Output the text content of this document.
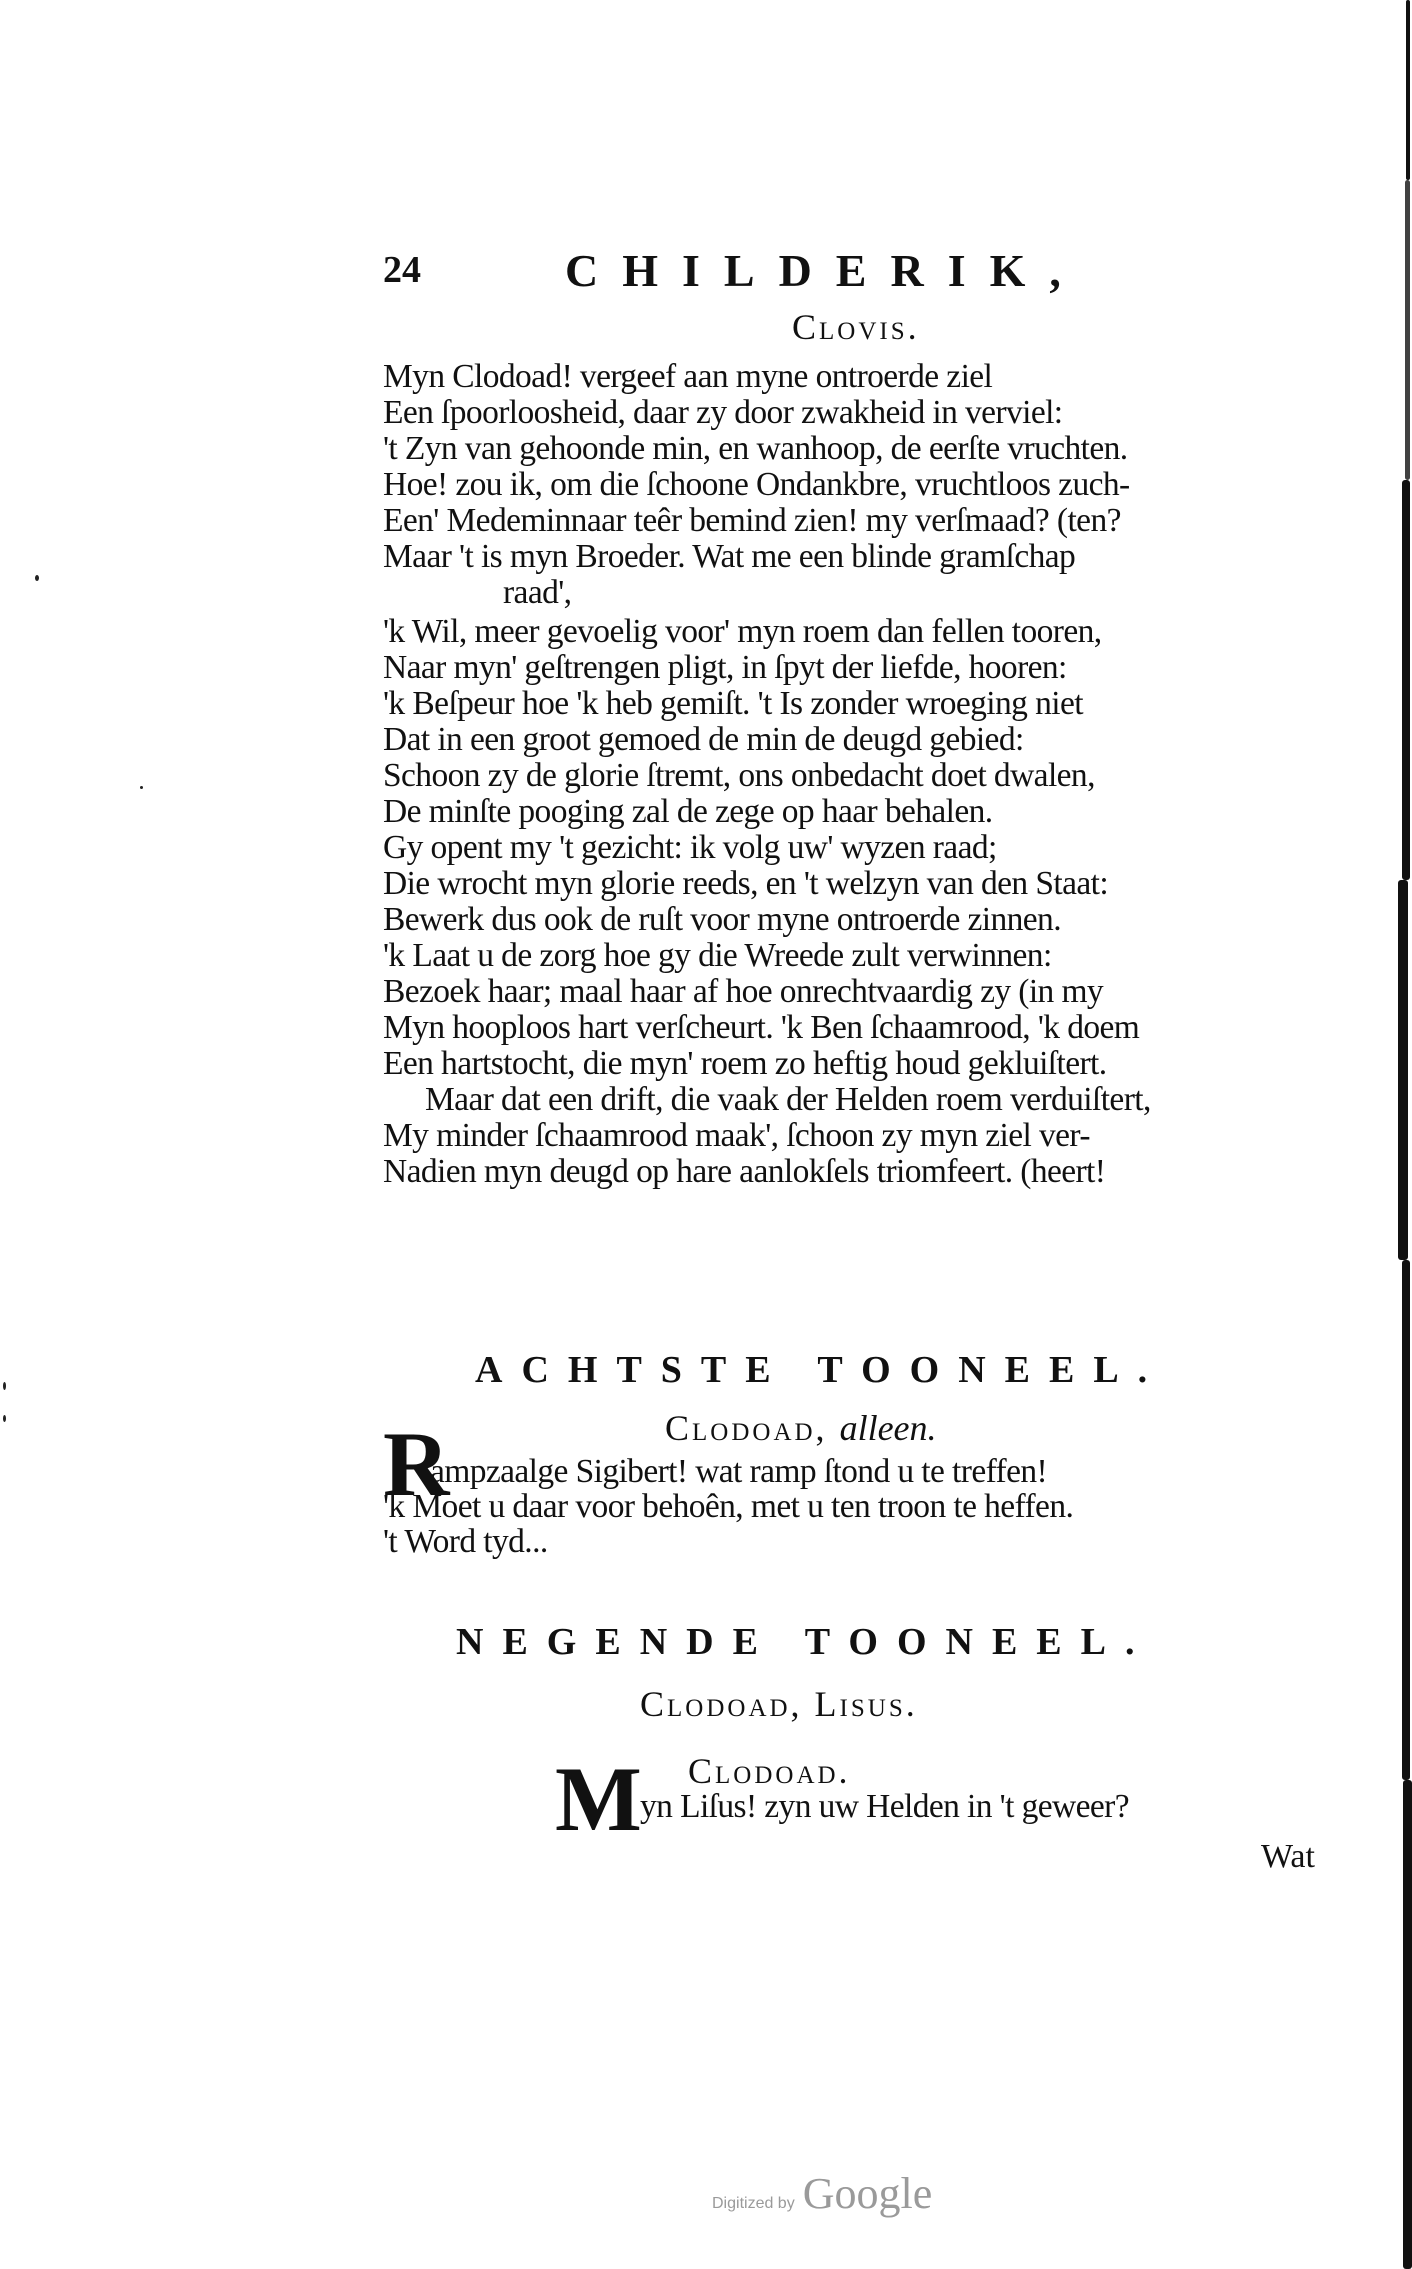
24	CHILDERIK,
Clovis.
Myn Clodoad! vergeef aan myne ontroerde ziel
Een ſpoorloosheid, daar zy door zwakheid in verviel:
't Zyn van gehoonde min, en wanhoop, de eerſte vruchten.
Hoe! zou ik, om die ſchoone Ondankbre, vruchtloos zuch-
Een' Medeminnaar teêr bemind zien! my verſmaad? (ten?
Maar 't is myn Broeder. Wat me een blinde gramſchap
raad',
'k Wil, meer gevoelig voor' myn roem dan fellen tooren,
Naar myn' geſtrengen pligt, in ſpyt der liefde, hooren:
'k Beſpeur hoe 'k heb gemiſt. 't Is zonder wroeging niet
Dat in een groot gemoed de min de deugd gebied:
Schoon zy de glorie ſtremt, ons onbedacht doet dwalen,
De minſte pooging zal de zege op haar behalen.
Gy opent my 't gezicht: ik volg uw' wyzen raad;
Die wrocht myn glorie reeds, en 't welzyn van den Staat:
Bewerk dus ook de ruſt voor myne ontroerde zinnen.
'k Laat u de zorg hoe gy die Wreede zult verwinnen:
Bezoek haar; maal haar af hoe onrechtvaardig zy (in my
Myn hooploos hart verſcheurt. 'k Ben ſchaamrood, 'k doem
Een hartstocht, die myn' roem zo heftig houd gekluiſtert.
Maar dat een drift, die vaak der Helden roem verduiſtert,
My minder ſchaamrood maak', ſchoon zy myn ziel ver-
Nadien myn deugd op hare aanlokſels triomfeert. (heert!
ACHTSTE TOONEEL.
Clodoad, alleen.
R
ampzaalge Sigibert! wat ramp ſtond u te treffen!
'k Moet u daar voor behoên, met u ten troon te heffen.
't Word tyd...
NEGENDE TOONEEL.
Clodoad, Liſus.
Clodoad.
M
yn Liſus! zyn uw Helden in 't geweer?
Wat
Digitized by Google
